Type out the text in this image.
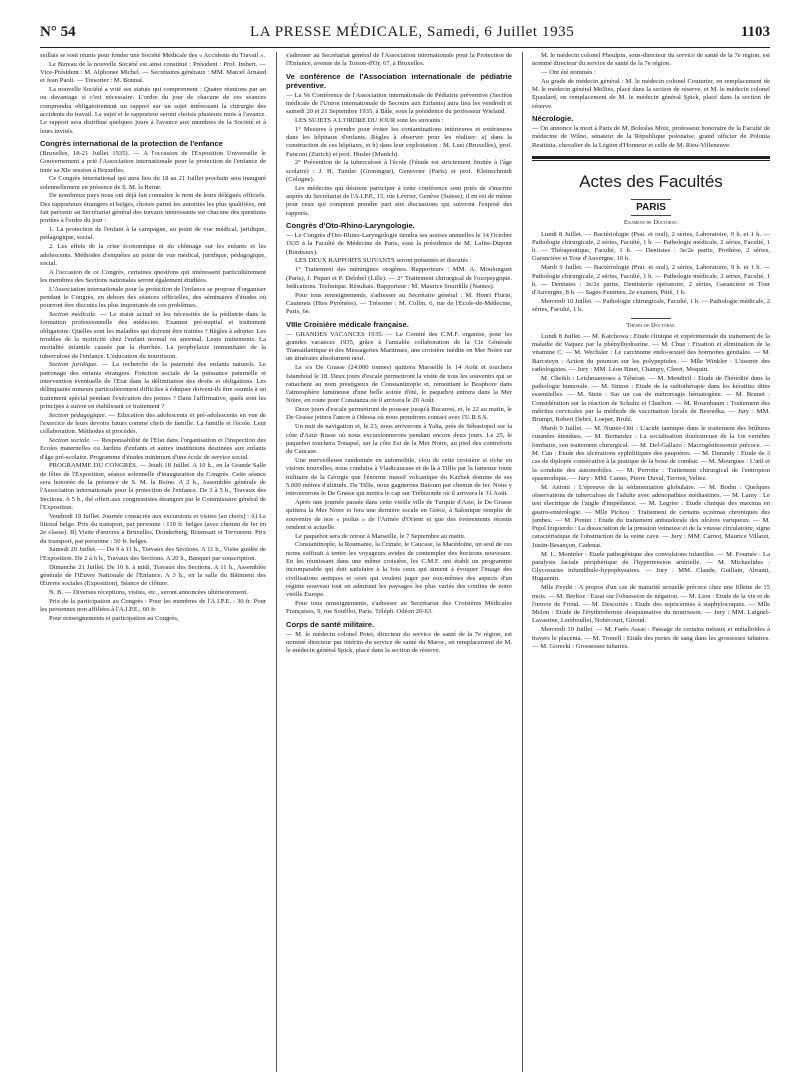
N° 54	LA PRESSE MÉDICALE, Samedi, 6 Juillet 1935	1103

seillais se sont réunis pour fonder une Société Médicale des « Accidents du Travail ».

Le Bureau de la nouvelle Société est ainsi constitué : Président : Prof. Imbert. — Vice-Président : M. Alphonse Michel. — Secrétaires généraux : MM. Marcel Arnaud et Jean Paoli. — Trésorier : M. Bonnal.

La nouvelle Société a voté ses statuts qui comprennent : Quatre réunions par an ou davantage si c'est nécessaire. L'ordre du jour de chacune de ces séances comprendra obligatoirement un rapport sur un sujet intéressant la chirurgie des accidents du travail. Le sujet et le rapporteur seront choisis plusieurs mois à l'avance. Le rapport sera distribué quelques jours à l'avance aux membres de la Société et à leurs invités.

Congrès international de la protection de l'enfance

(Bruxelles, 18-21 Juillet 1935). — A l'occasion de l'Exposition Universelle le Gouvernement a prié l'Association internationale pour la protection de l'enfance de tenir sa XIe session à Bruxelles.

Ce Congrès international qui aura lieu du 18 au 21 Juillet prochain sera inauguré solennellement en présence de S. M. la Reine.

De nombreux pays nous ont déjà fait connaître le nom de leurs délégués officiels. Des rapporteurs étrangers et belges, choisis parmi les autorités les plus qualifiées, ont fait parvenir au Secrétariat général des travaux intéressants sur chacune des questions portées à l'ordre du jour :

1. La protection de l'enfant à la campagne, au point de vue médical, juridique, pédagogique, social.

2. Les effets de la crise économique et du chômage sur les enfants et les adolescents. Méthodes d'enquêtes au point de vue médical, juridique, pédagogique, social.

A l'occasion de ce Congrès, certaines questions qui intéressent particulièrement les membres des Sections nationales seront également étudiées.

L'Association internationale pour la protection de l'enfance se propose d'organiser pendant le Congrès, en dehors des séances officielles, des séminaires d'études où pourront être discutés les plus importants de ces problèmes.

Section médicale. — Le statut actuel et les nécessités de la pédiatrie dans la formation professionnelle des médecins. Examen pré-nuptial et traitement obligatoire. Quelles sont les maladies qui doivent être traitées ? Règles à adopter. Les troubles de la motricité chez l'enfant normal ou anormal. Leurs traitements. La mortalité infantile causée par la diarrhée. La prophylaxie immunitaire de la tuberculose de l'enfance. L'éducation du nourrisson.

Section juridique. — La recherche de la paternité des enfants naturels. Le patronage des enfants étrangers. Fonction sociale de la puissance paternelle et intervention éventuelle de l'Etat dans la délimitation des droits et obligations. Les délinquants mineurs particulièrement difficiles à éduquer doivent-ils être soumis à un traitement spécial pendant l'exécution des peines ? Dans l'affirmative, quels sont les principes à suivre en établissant ce traitement ?

Section pédagogique. — Education des adolescents et pré-adolescents en vue de l'exercice de leurs devoirs futurs comme chefs de famille. La famille et l'école. Leur collaboration. Méthodes et procédés.

Section sociale. — Responsabilité de l'Etat dans l'organisation et l'inspection des Ecoles maternelles ou Jardins d'enfants et autres institutions destinées aux enfants d'âge pré-scolaire. Programme d'études minimum d'une école de service social.

PROGRAMME DU CONGRÈS. — Jeudi 18 Juillet. A 10 h., en la Grande Salle de fêtes de l'Exposition, séance solennelle d'inauguration du Congrès. Cette séance sera honorée de la présence de S. M. la Reine. A 2 h., Assemblée générale de l'Association internationale pour la protection de l'enfance. De 3 à 5 h., Travaux des Sections. A 5 h., thé offert aux congressistes étrangers par le Commissaire général de l'Exposition.

Vendredi 19 Juillet. Journée consacrée aux excursions et visites (au choix) : A) Le littoral belge. Prix du transport, par personne : 110 fr. belges (avec chemin de fer en 2e classe). B) Visite d'œuvres à Bruxelles, Donderberg, Rixensart et Tervueren. Prix du transport, par personne : 50 fr. belges.

Samedi 20 Juillet. — De 9 à 11 h., Travaux des Sections. A 11 h., Visite guidée de l'Exposition. De 2 à 6 h., Travaux des Sections. A 20 h., Banquet par souscription.

Dimanche 21 Juillet. De 10 h. à midi, Travaux des Sections. A 11 h., Assemblée générale de l'Œuvre Nationale de l'Enfance. A 3 h., en la salle du Bâtiment des Œuvres sociales (Exposition), Séance de clôture.

N. B. — Diverses réceptions, visites, etc., seront annoncées ultérieurement.

Prix de la participation au Congrès : Pour les membres de l'A.I.P.E. : 30 fr. Pour les personnes non affiliées à l'A.I.P.E., 60 fr.

Pour renseignements et participation au Congrès,

s'adresser au Secrétariat général de l'Association internationale pour la Protection de l'Enfance, avenue de la Toison-d'Or, 67, à Bruxelles.

Ve conférence de l'Association internationale de pédiatrie préventive.

— La Ve Conférence de l'Association internationale de Pédiatrie préventive (Section médicale de l'Union internationale de Secours aux Enfants) aura lieu les vendredi et samedi 20 et 21 Septembre 1935, à Bâle, sous la présidence du professeur Wieland.

LES SUJETS A L'ORDRE DU JOUR sont les suivants :

1° Mesures à prendre pour éviter les contaminations intérieures et extérieures dans les hôpitaux d'enfants. Règles à observer pour les réaliser: a) dans la construction de ces hôpitaux, et b) dans leur exploitation : M. Lust (Bruxelles), prof. Fanconi (Zurich) et prof. Husler (Munich).

2° Prévention de la tuberculose à l'école (l'étude est strictement limitée à l'âge scolaire) : J. H. Tuntler (Groningue), Genevrier (Paris) et prof. Kleinschmidt (Cologne).

Les médecins qui désirent participer à cette conférence sont priés de s'inscrire auprès du Secrétariat de l'A.I.P.P., 15, rue Lévrier, Genève (Suisse); il en est de même pour ceux qui comptent prendre part aux discussions qui suivront l'exposé des rapports.

Congrès d'Oto-Rhino-Laryngologie.

— Le Congrès d'Oto-Rhino-Laryngologie tiendra ses assises annuelles le 14 Octobre 1935 à la Faculté de Médecine de Paris, sous la présidence de M. Lafite-Dupont (Bordeaux).

LES DEUX RAPPORTS SUIVANTS seront présentés et discutés :

1° Traitement des méningites otogènes. Rapporteurs : MM. A. Moulonguet (Paris), J. Piquet et P. Delobel (Lille). — 2° Traitement chirurgical de l'ozopsygique. Indications. Technique. Résultats. Rapporteur : M. Maurice Sourdille (Nantes).

Pour tous renseignements, s'adresser au Secrétaire général : M. Henri Flurin, Cauterets (Htes Pyrénées). — Trésorier : M. Collin, 6, rue de l'Ecole-de-Médecine, Paris, 6e.

VIIIe Croisière médicale française.

— GRANDES VACANCES 1935. — Le Comité des C.M.F. organise, pour les grandes vacances 1935, grâce à l'amiable collaboration de la Cie Générale Transatlantique et des Messageries Maritimes, une croisière inédite en Mer Noire sur un itinéraire absolument neuf.

Le s/s De Grasse (24.000 tonnes) quittera Marseille le 14 Août et touchera Istamboul le 18. Deux jours d'escale permettront la visite de tous les souvenirs qui se rattachent au nom prestigieux de Constantinople et, remontant le Bosphore dans l'atmosphère lumineuse d'une belle soirée d'été, le paquebot entrera dans la Mer Noire, en route pour Constanza où il arrivera le 20 Août.

Deux jours d'escale permettront de pousser jusqu'à Bucarest, et, le 22 au matin, le De Grasse jettera l'ancre à Odessa où nous prendrons contact avec l'U.R.S.S.

Un nuit de navigation et, le 23, nous arriverons à Yalta, près de Sébastopol sur la côte d'Azur Russe où nous excursionnerons pendant encore deux jours. Le 25, le paquebot touchera Touapsé, sur la côte Est de la Mer Noire, au pied des contreforts du Caucase.

Une merveilleuse randonnée en automobile, clou de cette croisière si riche en visions nouvelles, nous conduira à Vladicaucase et de là à Tiflis par la fameuse route militaire de la Géorgie que l'énorme massif volcanique du Kazbek domine de ses 5.000 mètres d'altitude. De Tiflis, nous gagnerons Batoum par chemin de fer. Nous y retrouverons le De Grasse qui mettra le cap sur Trébizonde où il arrivera le 31 Août.

Après une journée passée dans cette vieille ville de Turquie d'Asie, le De Grasse quittera la Mer Noire et fera une dernière escale en Grèce, à Salonique remplie de souvenirs de nos « poilus » de l'Armée d'Orient et que des événements récents rendent si actuelle.

Le paquebot sera de retour à Marseille, le 7 Septembre au matin.

Constantinople, la Roumanie, la Crimée, le Caucase, la Macédoine, un seul de ces noms suffirait à tenter les voyageurs avides de contempler des horizons nouveaux. En les réunissant dans une même croisière, les C.M.F. ont établi un programme incomparable qui doit satisfaire à la fois ceux qui aiment à évoquer l'image des civilisations antiques et ceux qui veulent juger par eux-mêmes des aspects d'un régime nouveau tout en admirant les paysages les plus variés des confins de notre vieille Europe.

Pour tous renseignements, s'adresser au Secrétariat des Croisières Médicales Françaises, 9, rue Soufflot, Paris. Téléph. Odéon 20-63.

Corps de santé militaire.

— M. le médecin colonel Potet, directeur du service de santé de la 7e région, est nommé directeur par intérim du service de santé du Maroc, en remplacement de M. le médecin général Spick, placé dans la section de réserve.

M. le médecin colonel Pheulpin, sous-directeur du service de santé de la 7e région, est nommé directeur du service de santé de la 7e région.

— Ont été nommés :

Au grade de médecin général : M. le médecin colonel Couturier, en remplacement de M. le médecin général Mellies, placé dans la section de réserve, et M. le médecin colonel Epaulard, en remplacement de M. le médecin général Spick, placé dans la section de réserve.

Nécrologie.

— On annonce la mort à Paris de M. Boleslas Moiz, professeur honoraire de la Faculté de médecine de Wilno, sénateur de la République polonaise, grand officier de Polonia Restituta, chevalier de la Légion d'Honneur et celle de M. Rieu-Villeneuve.

Actes des Facultés
PARIS
Examens de Doctorat.

Lundi 8 Juillet. — Bactériologie (Prat. et oral), 2 séries, Laboratoire, 9 h. et 1 h. — Pathologie chirurgicale, 2 séries, Faculté, 1 h. — Pathologie médicale, 2 séries, Faculté, 1 h. — Thérapeutique, Faculté, 1 h. — Dentistes : 3e/2e partie, Prothèse, 2 séries, Garancière et Tour d'Auvergne, 10 h.

Mardi 9 Juillet. — Bactériologie (Prat. et oral), 2 séries, Laboratoire, 9 h. et 1 h. — Pathologie chirurgicale, 2 séries, Faculté, 1 h. — Pathologie médicale, 2 séries, Faculté, 1 h. — Dentistes : 3e/2e partie, Dentisterie opératoire, 2 séries, Garancière et Tour d'Auvergne, 8 h. — Sages-Femmes, 2e examen, Pitié, 1 h.

Mercredi 10 Juillet. — Pathologie chirurgicale, Faculté, 1 h. — Pathologie médicale, 2 séries, Faculté, 1 h.

Thèses de Doctorat.

Lundi 8 Juillet. — M. Katchowa : Etude clinique et expérimentale du traitement de la maladie de Vaquez par la phénylhydrazine. — M. Chue : Fixation et élimination de la vitamine C. — M. Wechsler : Le carcinome endo-sexuel des hormones génitales. — M. Barcsteyn : Action du poumon sur les polypeptides. — Mlle Winkler : L'usemir des radiologistes. — Jury : MM. Léon Binet, Champy, Cleret, Moquin.

M. Cheikh : Leishmanioses à Téhéran. — M. Mendivil : Etude de l'hérédité dans la pathologie humorale. — M. Simon : Etude de la radiothérapie dans les kératites dites essentielles. — M. Stein : Sur un cas de métrorragie hématogène. — M. Brunet : Considération sur la réaction de Schultz et Charlton. — M. Rosenbaum : Traitement des métrites cervicales par la méthode de vaccination locale de Besredka. — Jury : MM. Brumpt, Robert Debré, Loeper, Brulé.

Mardi 9 Juillet. — M. Nunez-Otti : L'acide tannique dans le traitement des brûlures cutanées étendues. — M. Bernardez : La socialisation douloureuse de la 1re vertèbre lombaire, son traitement chirurgical. — M. Del-Gallazo : Macrogénitosomie précoce. — M. Cau : Etude des ulcérations syphilitiques des paupières. — M. Durandy : Etude de 3 cas de diplopie consécutive à la pratique de la boxe de combat. — M. Mourgues : L'œil et la conduite des automobiles. — M. Perrotte : Traitement chirurgical de l'entropion spasmodique. — Jury : MM. Canuo, Pierre Duval, Terrien, Veltez.

M. Antoni : L'épreuve de la sédimentation globulaire. — M. Bodin : Quelques observations de tuberculose de l'adulte avec adénopathies médiastines. — M. Lamy : Le test électrique de l'angle d'impédance. — M. Legrier : Etude clinique des maxima en gastro-entérologie. — Mlle Pichou : Traitement de certains eczémas chroniques des jambes. — M. Pontet : Etude du traitement antisudorale des ulcères variqueux. — M. Pujol Izquierdo : La dissociation de la pression veineuse et de la vitesse circulatoire, signe caractéristique de l'obstruction de la veine cave. — Jury : MM. Carnot, Maurice Villaret, Justin-Besançon, Cadenat.

M. L. Montréer : Etude pathogénique des convulsions infantiles. — M. Foumée : La paralysie faciale périphérique de l'hypertension artérielle. — M. Michaelides : Glycosuries infundibulo-hypophysaires. — Jury : MM. Claude, Guillain, Abrami, Huguenin.

Mlle Feydit : A propos d'un cas de maturité sexuelle précoce chez une fillette de 15 mois. — M. Berlioz : Essai sur l'obsession de négation. — M. Lion : Etude de la vie et de l'œuvre de Freud. — M. Descoriès : Etude des septicémies à staphylocoques. — Mlle Melon : Etude de l'érythrodermie desquamative du nourrisson. — Jury : MM. Laignel-Lavastine, Lereboullet, Nobécourt, Giroud.

Mercredi 10 Juillet. — M. Farès Assas : Passage de certains métaux et métalloïdes à travers le placenta. — M. Tronell : Etude des pertes de sang dans les grossesses tubaires. — M. Gorecki : Grossesses tubaires.
